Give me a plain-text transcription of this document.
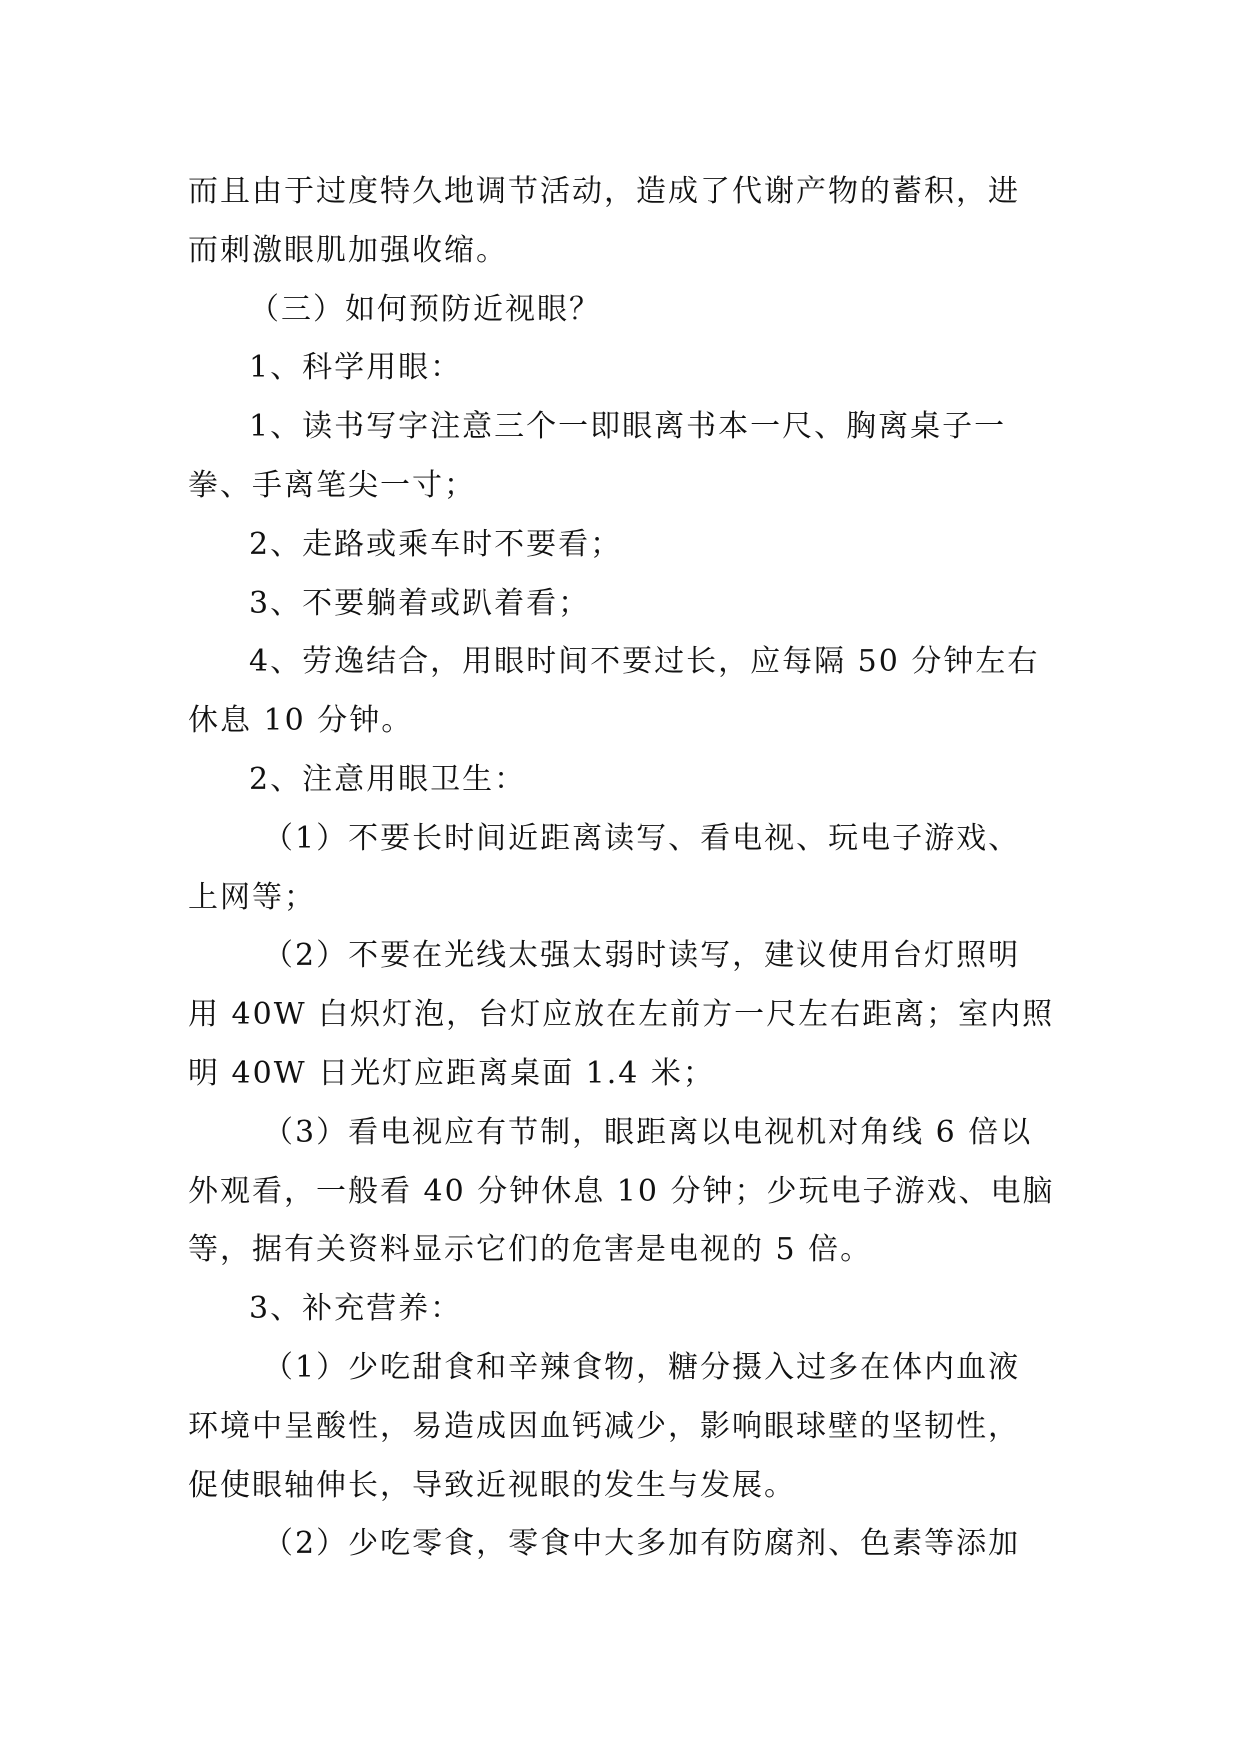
而且由于过度特久地调节活动，造成了代谢产物的蓄积，进
而刺激眼肌加强收缩。
（三）如何预防近视眼？
1、科学用眼：
1、读书写字注意三个一即眼离书本一尺、胸离桌子一
拳、手离笔尖一寸；
2、走路或乘车时不要看；
3、不要躺着或趴着看；
4、劳逸结合，用眼时间不要过长，应每隔 50 分钟左右
休息 10 分钟。
2、注意用眼卫生：
（1）不要长时间近距离读写、看电视、玩电子游戏、
上网等；
（2）不要在光线太强太弱时读写，建议使用台灯照明
用 40W 白炽灯泡，台灯应放在左前方一尺左右距离；室内照
明 40W 日光灯应距离桌面 1.4 米；
（3）看电视应有节制，眼距离以电视机对角线 6 倍以
外观看，一般看 40 分钟休息 10 分钟；少玩电子游戏、电脑
等，据有关资料显示它们的危害是电视的 5 倍。
3、补充营养：
（1）少吃甜食和辛辣食物，糖分摄入过多在体内血液
环境中呈酸性，易造成因血钙减少，影响眼球壁的坚韧性，
促使眼轴伸长，导致近视眼的发生与发展。
（2）少吃零食，零食中大多加有防腐剂、色素等添加
